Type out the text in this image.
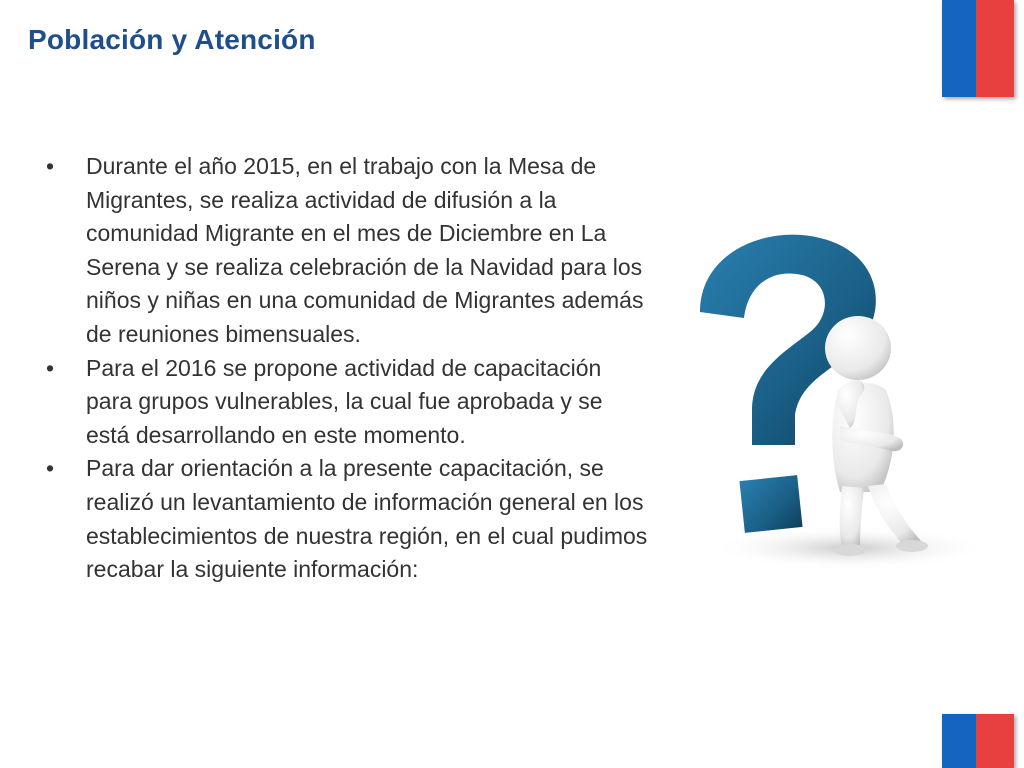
Población y Atención
•	Durante el año 2015, en el trabajo con la Mesa de Migrantes, se realiza actividad de difusión a la comunidad Migrante en el mes de Diciembre en La Serena y se realiza celebración de la Navidad para los niños y niñas en una comunidad de Migrantes además de reuniones bimensuales.
•	Para el 2016 se propone actividad de capacitación para grupos vulnerables, la cual fue aprobada y se está desarrollando en este momento.
•	Para dar orientación a la presente capacitación, se realizó un levantamiento de información general en los establecimientos de nuestra región, en el cual pudimos recabar la siguiente información:
